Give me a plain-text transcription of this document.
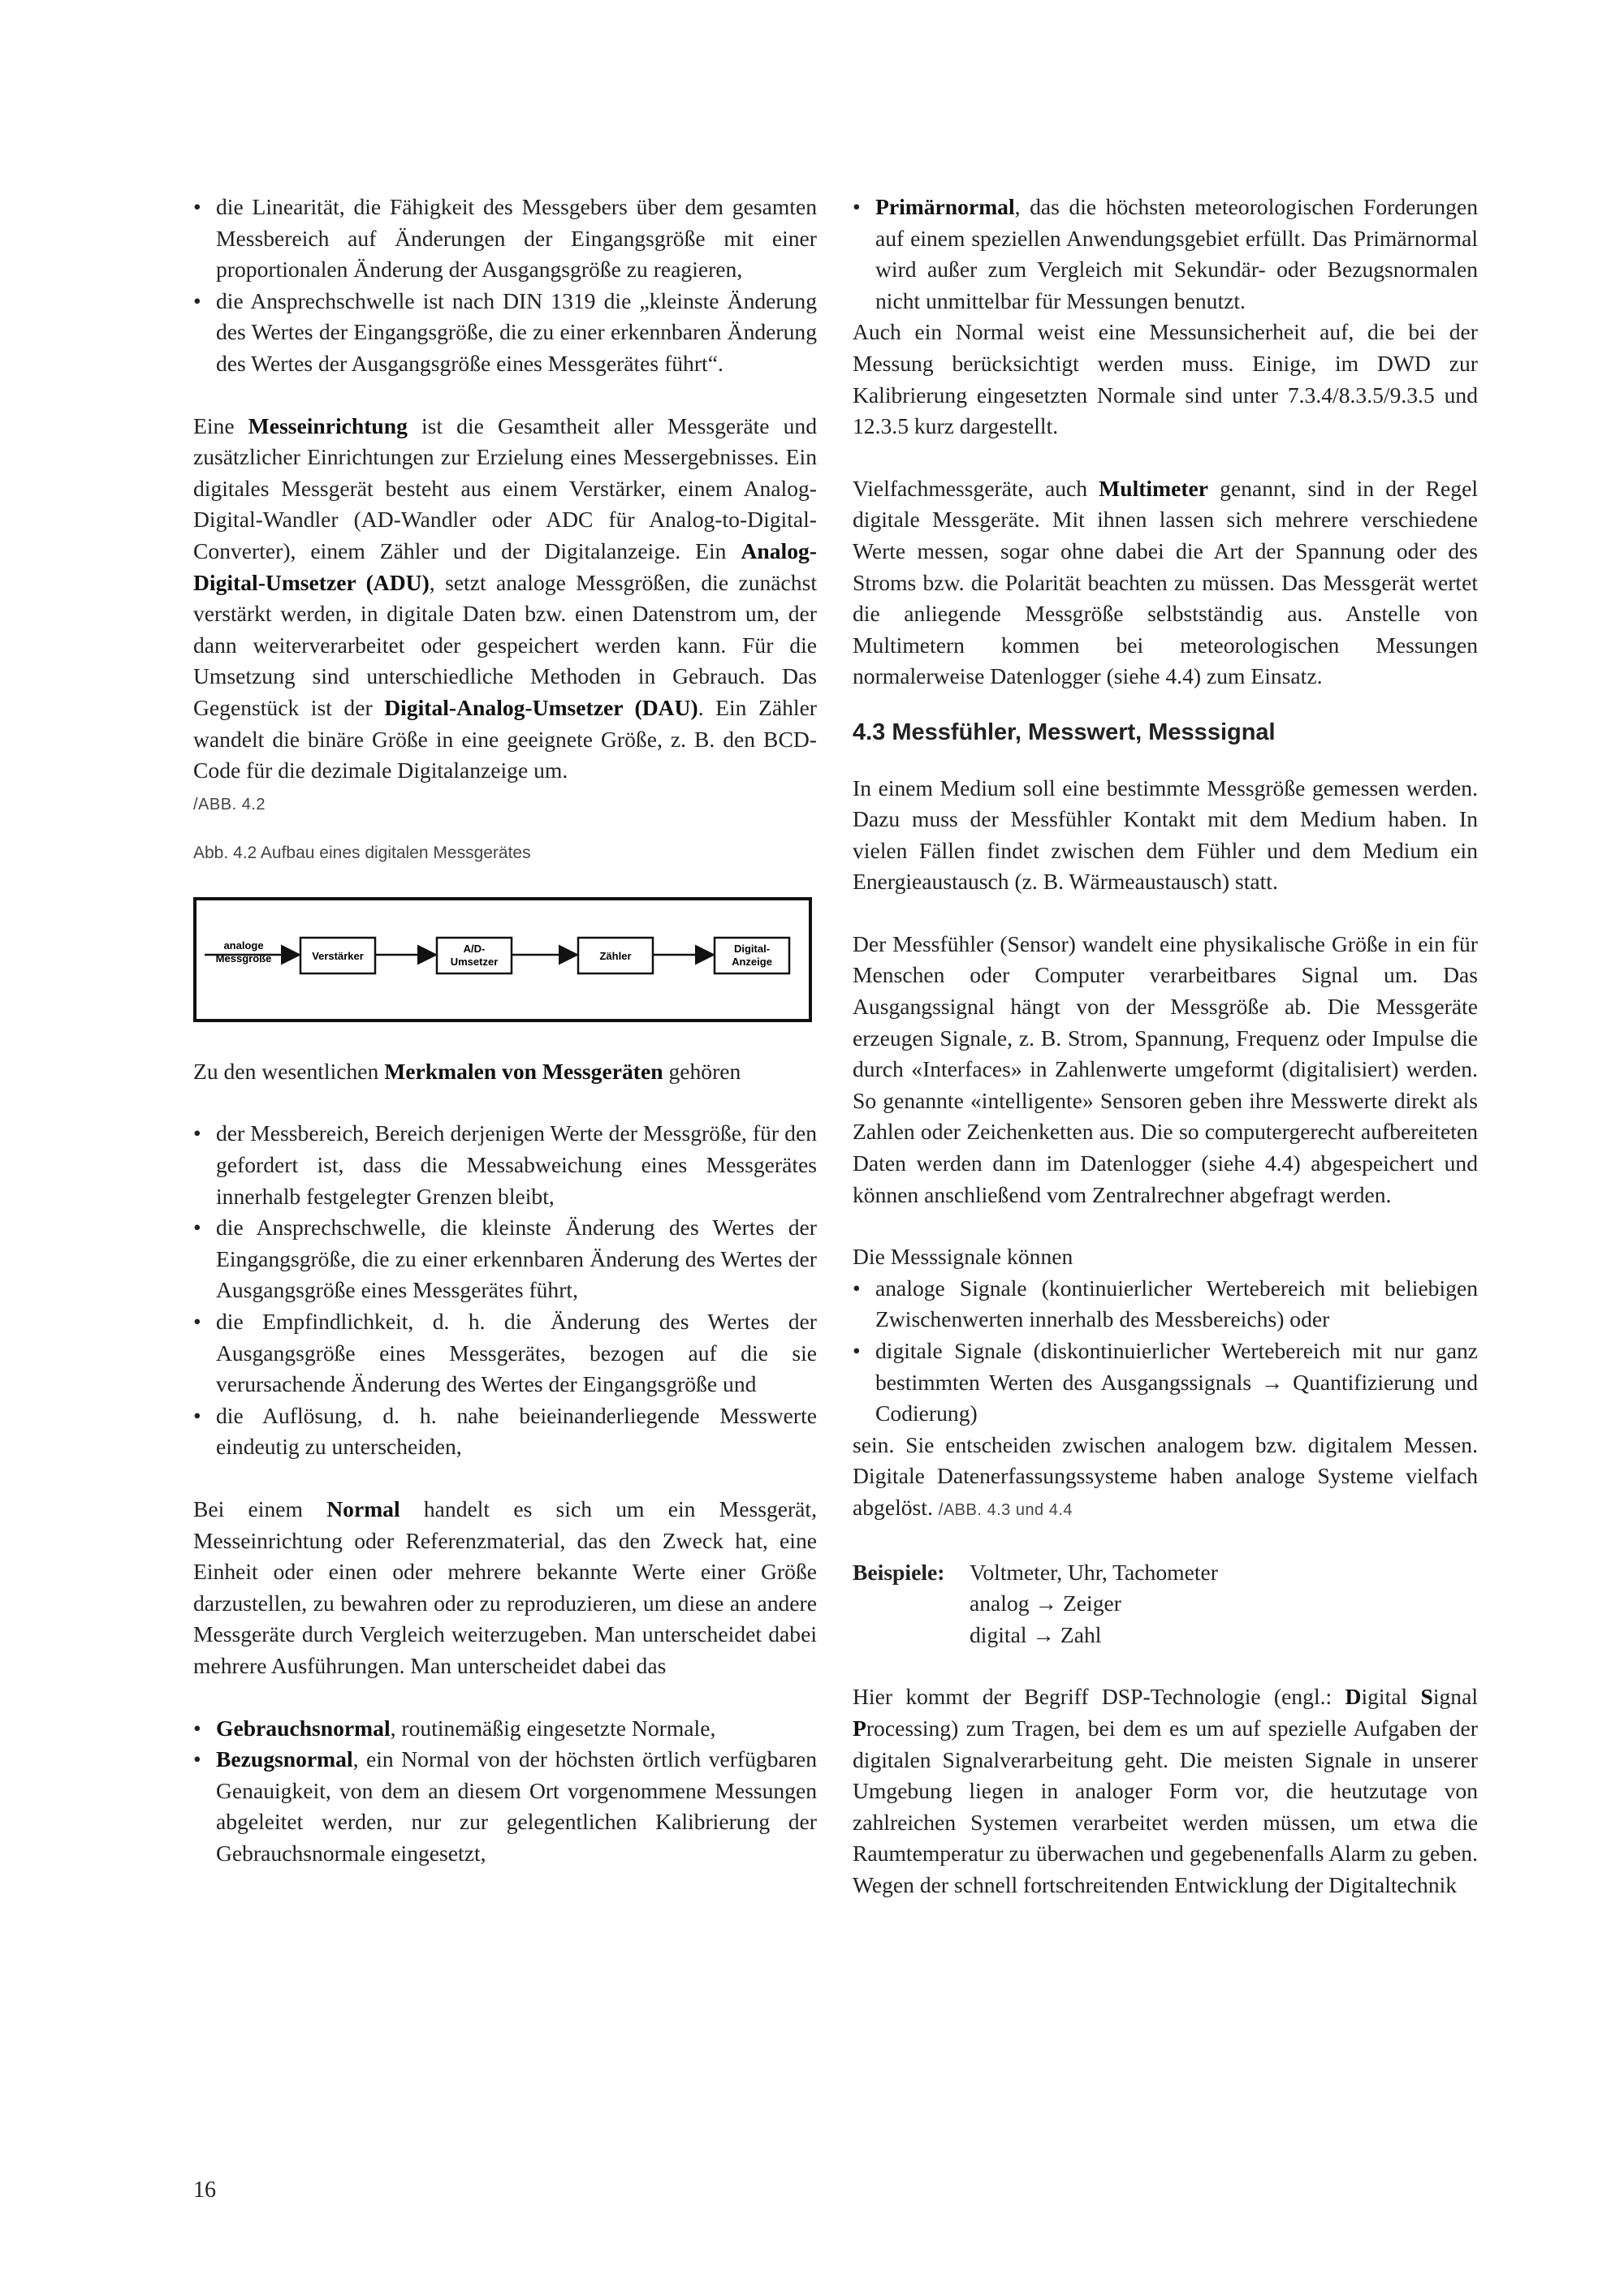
• die Linearität, die Fähigkeit des Messgebers über dem gesamten Messbereich auf Änderungen der Eingangsgröße mit einer proportionalen Änderung der Ausgangsgröße zu reagieren,
• die Ansprechschwelle ist nach DIN 1319 die „kleinste Änderung des Wertes der Eingangsgröße, die zu einer erkennbaren Änderung des Wertes der Ausgangsgröße eines Messgerätes führt“.

Eine Messeinrichtung ist die Gesamtheit aller Messgeräte und zusätzlicher Einrichtungen zur Erzielung eines Messergebnisses. Ein digitales Messgerät besteht aus einem Verstärker, einem Analog-Digital-Wandler (AD-Wandler oder ADC für Analog-to-Digital-Converter), einem Zähler und der Digitalanzeige. Ein Analog-Digital-Umsetzer (ADU), setzt analoge Messgrößen, die zunächst verstärkt werden, in digitale Daten bzw. einen Datenstrom um, der dann weiterverarbeitet oder gespeichert werden kann. Für die Umsetzung sind unterschiedliche Methoden in Gebrauch. Das Gegenstück ist der Digital-Analog-Umsetzer (DAU). Ein Zähler wandelt die binäre Größe in eine geeignete Größe, z. B. den BCD-Code für die dezimale Digitalanzeige um.
/ABB. 4.2

Abb. 4.2 Aufbau eines digitalen Messgerätes
analoge
Messgröße	Verstärker
A/D-
Umsetzer	Zähler
Digital-
Anzeige

Zu den wesentlichen Merkmalen von Messgeräten gehören

• der Messbereich, Bereich derjenigen Werte der Messgröße, für den gefordert ist, dass die Messabweichung eines Messgerätes innerhalb festgelegter Grenzen bleibt,
• die Ansprechschwelle, die kleinste Änderung des Wertes der Eingangsgröße, die zu einer erkennbaren Änderung des Wertes der Ausgangsgröße eines Messgerätes führt,
• die Empfindlichkeit, d. h. die Änderung des Wertes der Ausgangsgröße eines Messgerätes, bezogen auf die sie verursachende Änderung des Wertes der Eingangsgröße und
• die Auflösung, d. h. nahe beieinanderliegende Messwerte eindeutig zu unterscheiden,

Bei einem Normal handelt es sich um ein Messgerät, Messeinrichtung oder Referenzmaterial, das den Zweck hat, eine Einheit oder einen oder mehrere bekannte Werte einer Größe darzustellen, zu bewahren oder zu reproduzieren, um diese an andere Messgeräte durch Vergleich weiterzugeben. Man unterscheidet dabei mehrere Ausführungen. Man unterscheidet dabei das

• Gebrauchsnormal, routinemäßig eingesetzte Normale,
• Bezugsnormal, ein Normal von der höchsten örtlich verfügbaren Genauigkeit, von dem an diesem Ort vorgenommene Messungen abgeleitet werden, nur zur gelegentlichen Kalibrierung der Gebrauchsnormale eingesetzt,
• Primärnormal, das die höchsten meteorologischen Forderungen auf einem speziellen Anwendungsgebiet erfüllt. Das Primärnormal wird außer zum Vergleich mit Sekundär- oder Bezugsnormalen nicht unmittelbar für Messungen benutzt.

Auch ein Normal weist eine Messunsicherheit auf, die bei der Messung berücksichtigt werden muss. Einige, im DWD zur Kalibrierung eingesetzten Normale sind unter 7.3.4/8.3.5/9.3.5 und 12.3.5 kurz dargestellt.

Vielfachmessgeräte, auch Multimeter genannt, sind in der Regel digitale Messgeräte. Mit ihnen lassen sich mehrere verschiedene Werte messen, sogar ohne dabei die Art der Spannung oder des Stroms bzw. die Polarität beachten zu müssen. Das Messgerät wertet die anliegende Messgröße selbstständig aus. Anstelle von Multimetern kommen bei meteorologischen Messungen normalerweise Datenlogger (siehe 4.4) zum Einsatz.

4.3 Messfühler, Messwert, Messsignal

In einem Medium soll eine bestimmte Messgröße gemessen werden. Dazu muss der Messfühler Kontakt mit dem Medium haben. In vielen Fällen findet zwischen dem Fühler und dem Medium ein Energieaustausch (z. B. Wärmeaustausch) statt.

Der Messfühler (Sensor) wandelt eine physikalische Größe in ein für Menschen oder Computer verarbeitbares Signal um. Das Ausgangssignal hängt von der Messgröße ab. Die Messgeräte erzeugen Signale, z. B. Strom, Spannung, Frequenz oder Impulse die durch «Interfaces» in Zahlenwerte umgeformt (digitalisiert) werden. So genannte «intelligente» Sensoren geben ihre Messwerte direkt als Zahlen oder Zeichenketten aus. Die so computergerecht aufbereiteten Daten werden dann im Datenlogger (siehe 4.4) abgespeichert und können anschließend vom Zentralrechner abgefragt werden.

Die Messsignale können

• analoge Signale (kontinuierlicher Wertebereich mit beliebigen Zwischenwerten innerhalb des Messbereichs) oder
• digitale Signale (diskontinuierlicher Wertebereich mit nur ganz bestimmten Werten des Ausgangssignals → Quantifizierung und Codierung)

sein. Sie entscheiden zwischen analogem bzw. digitalem Messen. Digitale Datenerfassungssysteme haben analoge Systeme vielfach abgelöst. /ABB. 4.3 und 4.4

Beispiele:	Voltmeter, Uhr, Tachometer
analog → Zeiger
digital → Zahl

Hier kommt der Begriff DSP-Technologie (engl.: Digital Signal Processing) zum Tragen, bei dem es um auf spezielle Aufgaben der digitalen Signalverarbeitung geht. Die meisten Signale in unserer Umgebung liegen in analoger Form vor, die heutzutage von zahlreichen Systemen verarbeitet werden müssen, um etwa die Raumtemperatur zu überwachen und gegebenenfalls Alarm zu geben. Wegen der schnell fortschreitenden Entwicklung der Digitaltechnik

16
